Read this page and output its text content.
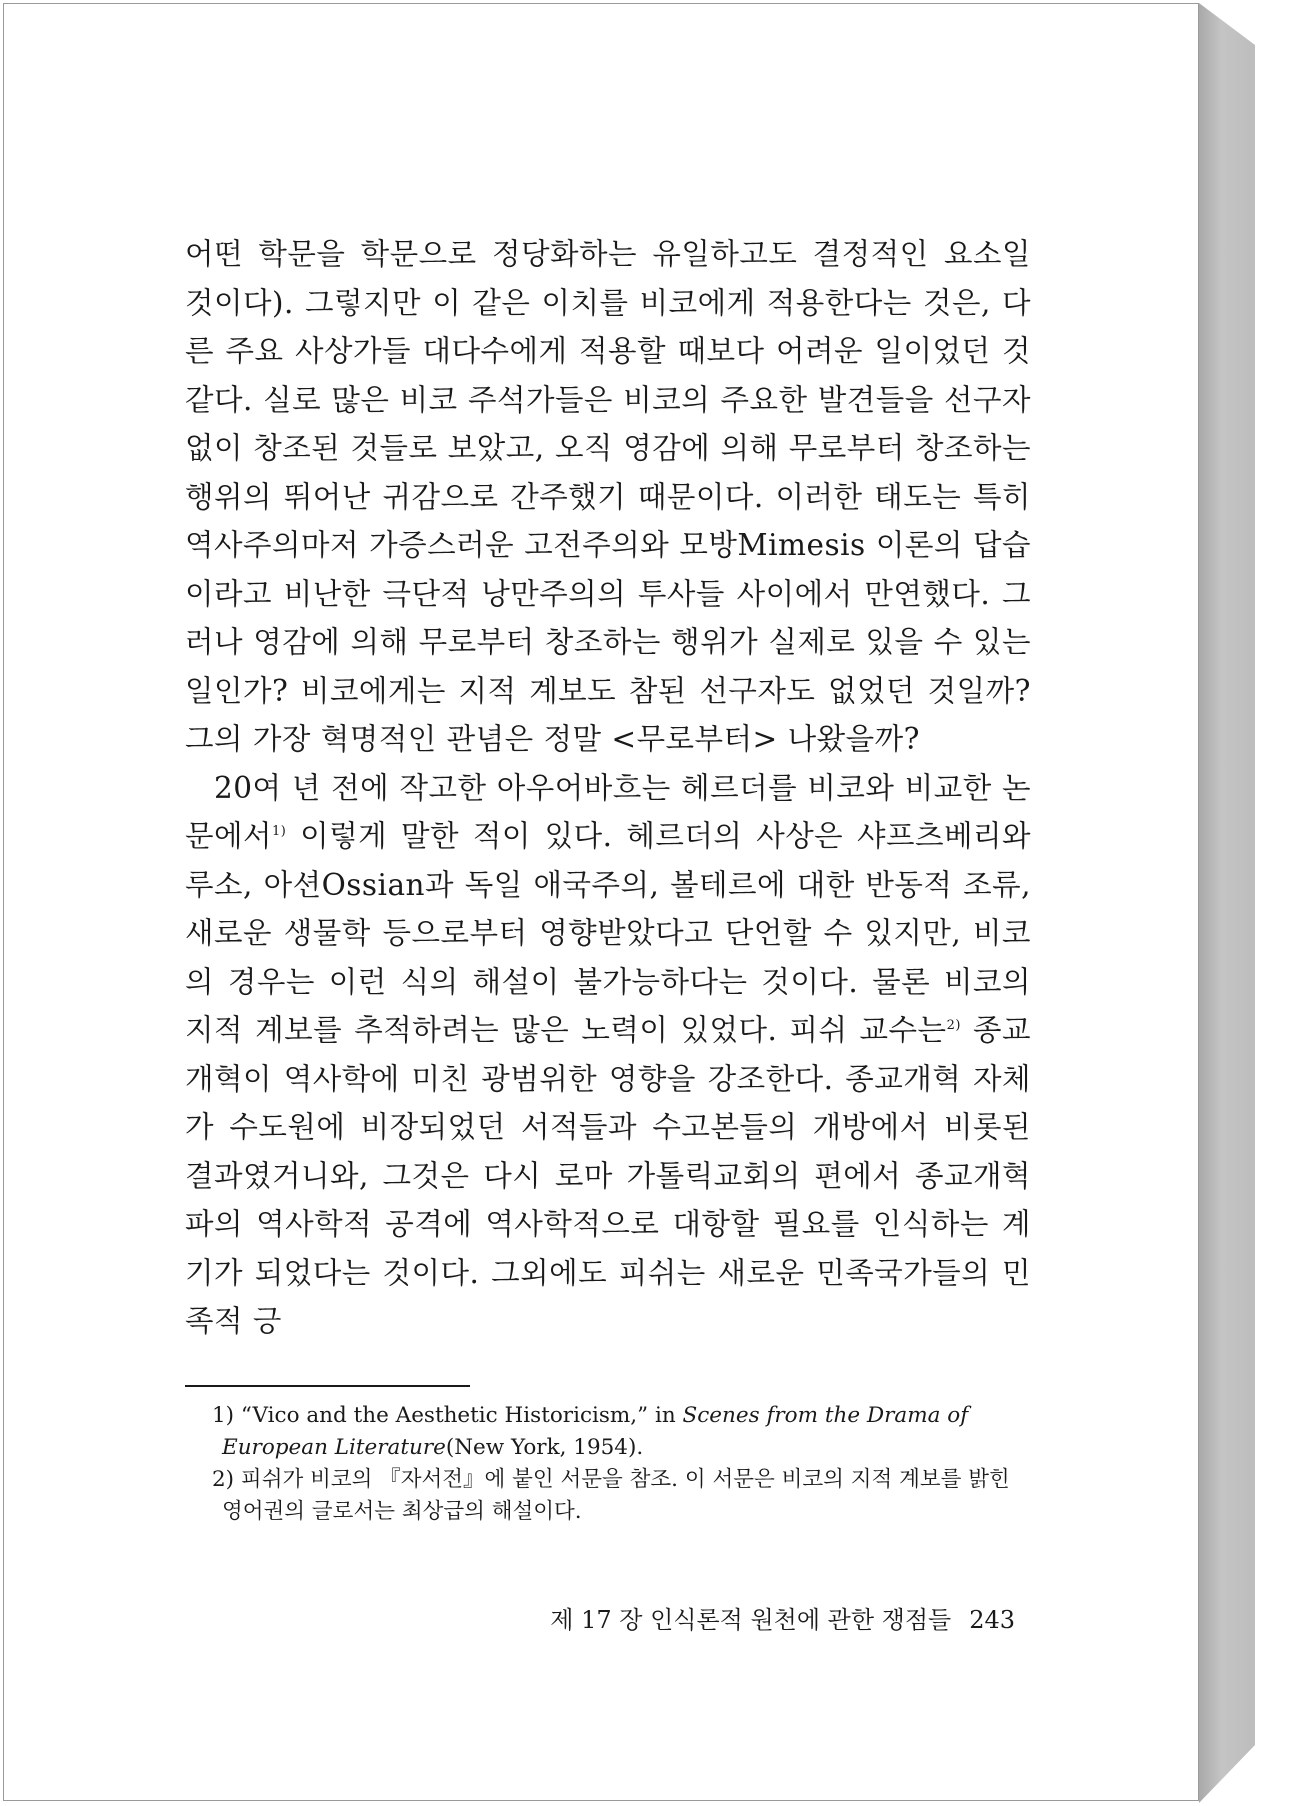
어떤 학문을 학문으로 정당화하는 유일하고도 결정적인 요소일 것이다). 그렇지만 이 같은 이치를 비코에게 적용한다는 것은, 다른 주요 사상가들 대다수에게 적용할 때보다 어려운 일이었던 것 같다. 실로 많은 비코 주석가들은 비코의 주요한 발견들을 선구자 없이 창조된 것들로 보았고, 오직 영감에 의해 무로부터 창조하는 행위의 뛰어난 귀감으로 간주했기 때문이다. 이러한 태도는 특히 역사주의마저 가증스러운 고전주의와 모방Mimesis 이론의 답습이라고 비난한 극단적 낭만주의의 투사들 사이에서 만연했다. 그러나 영감에 의해 무로부터 창조하는 행위가 실제로 있을 수 있는 일인가? 비코에게는 지적 계보도 참된 선구자도 없었던 것일까? 그의 가장 혁명적인 관념은 정말 <무로부터> 나왔을까?

20여 년 전에 작고한 아우어바흐는 헤르더를 비코와 비교한 논문에서$^{1)}$ 이렇게 말한 적이 있다. 헤르더의 사상은 샤프츠베리와 루소, 아션Ossian과 독일 애국주의, 볼테르에 대한 반동적 조류, 새로운 생물학 등으로부터 영향받았다고 단언할 수 있지만, 비코의 경우는 이런 식의 해설이 불가능하다는 것이다. 물론 비코의 지적 계보를 추적하려는 많은 노력이 있었다. 피쉬 교수는$^{2)}$ 종교개혁이 역사학에 미친 광범위한 영향을 강조한다. 종교개혁 자체가 수도원에 비장되었던 서적들과 수고본들의 개방에서 비롯된 결과였거니와, 그것은 다시 로마 가톨릭교회의 편에서 종교개혁파의 역사학적 공격에 역사학적으로 대항할 필요를 인식하는 계기가 되었다는 것이다. 그외에도 피쉬는 새로운 민족국가들의 민족적 긍

1) “Vico and the Aesthetic Historicism,” in Scenes from the Drama of European Literature(New York, 1954).

2) 피쉬가 비코의 『자서전』에 붙인 서문을 참조. 이 서문은 비코의 지적 계보를 밝힌 영어권의 글로서는 최상급의 해설이다.

제 17 장 인식론적 원천에 관한 쟁점들 243
